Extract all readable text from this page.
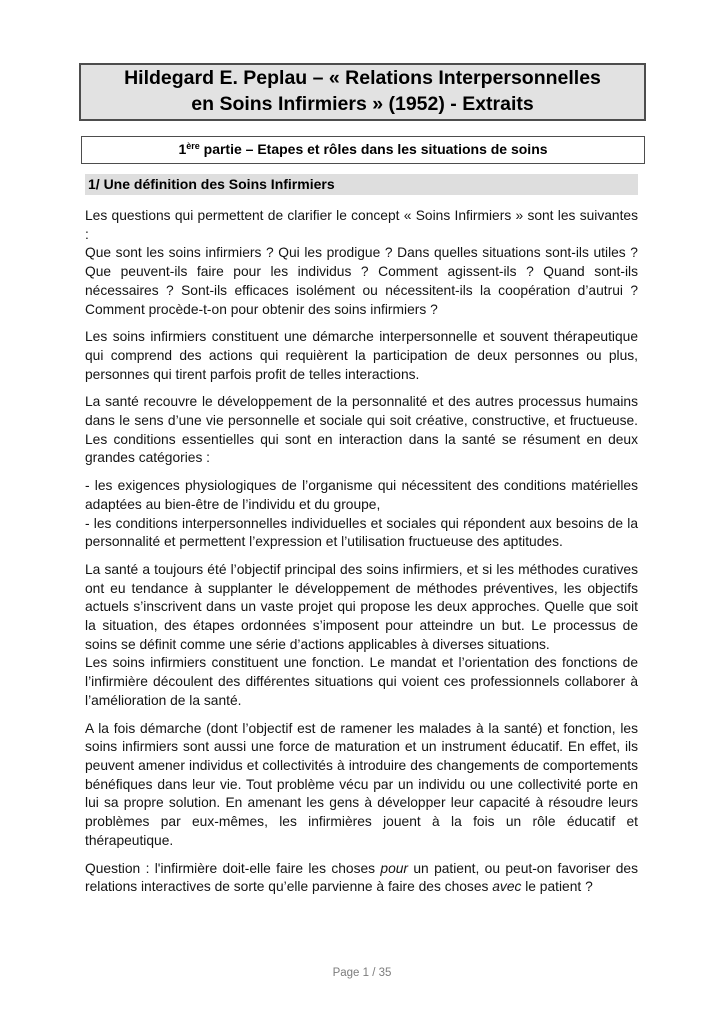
Hildegard E. Peplau – « Relations Interpersonnelles
en Soins Infirmiers » (1952) - Extraits
1ère partie – Etapes et rôles dans les situations de soins
1/ Une définition des Soins Infirmiers

Les questions qui permettent de clarifier le concept « Soins Infirmiers » sont les suivantes :
Que sont les soins infirmiers ? Qui les prodigue ? Dans quelles situations sont-ils utiles ? Que peuvent-ils faire pour les individus ? Comment agissent-ils ? Quand sont-ils nécessaires ? Sont-ils efficaces isolément ou nécessitent-ils la coopération d’autrui ? Comment procède-t-on pour obtenir des soins infirmiers ?

Les soins infirmiers constituent une démarche interpersonnelle et souvent thérapeutique qui comprend des actions qui requièrent la participation de deux personnes ou plus, personnes qui tirent parfois profit de telles interactions.

La santé recouvre le développement de la personnalité et des autres processus humains dans le sens d’une vie personnelle et sociale qui soit créative, constructive, et fructueuse. Les conditions essentielles qui sont en interaction dans la santé se résument en deux grandes catégories :

- les exigences physiologiques de l’organisme qui nécessitent des conditions matérielles adaptées au bien-être de l’individu et du groupe,
- les conditions interpersonnelles individuelles et sociales qui répondent aux besoins de la personnalité et permettent l’expression et l’utilisation fructueuse des aptitudes.

La santé a toujours été l’objectif principal des soins infirmiers, et si les méthodes curatives ont eu tendance à supplanter le développement de méthodes préventives, les objectifs actuels s’inscrivent dans un vaste projet qui propose les deux approches. Quelle que soit la situation, des étapes ordonnées s’imposent pour atteindre un but. Le processus de soins se définit comme une série d’actions applicables à diverses situations.
Les soins infirmiers constituent une fonction. Le mandat et l’orientation des fonctions de l’infirmière découlent des différentes situations qui voient ces professionnels collaborer à l’amélioration de la santé.

A la fois démarche (dont l’objectif est de ramener les malades à la santé) et fonction, les soins infirmiers sont aussi une force de maturation et un instrument éducatif. En effet, ils peuvent amener individus et collectivités à introduire des changements de comportements bénéfiques dans leur vie. Tout problème vécu par un individu ou une collectivité porte en lui sa propre solution. En amenant les gens à développer leur capacité à résoudre leurs problèmes par eux-mêmes, les infirmières jouent à la fois un rôle éducatif et thérapeutique.

Question : l'infirmière doit-elle faire les choses pour un patient, ou peut-on favoriser des relations interactives de sorte qu’elle parvienne à faire des choses avec le patient ?

Page 1 / 35
